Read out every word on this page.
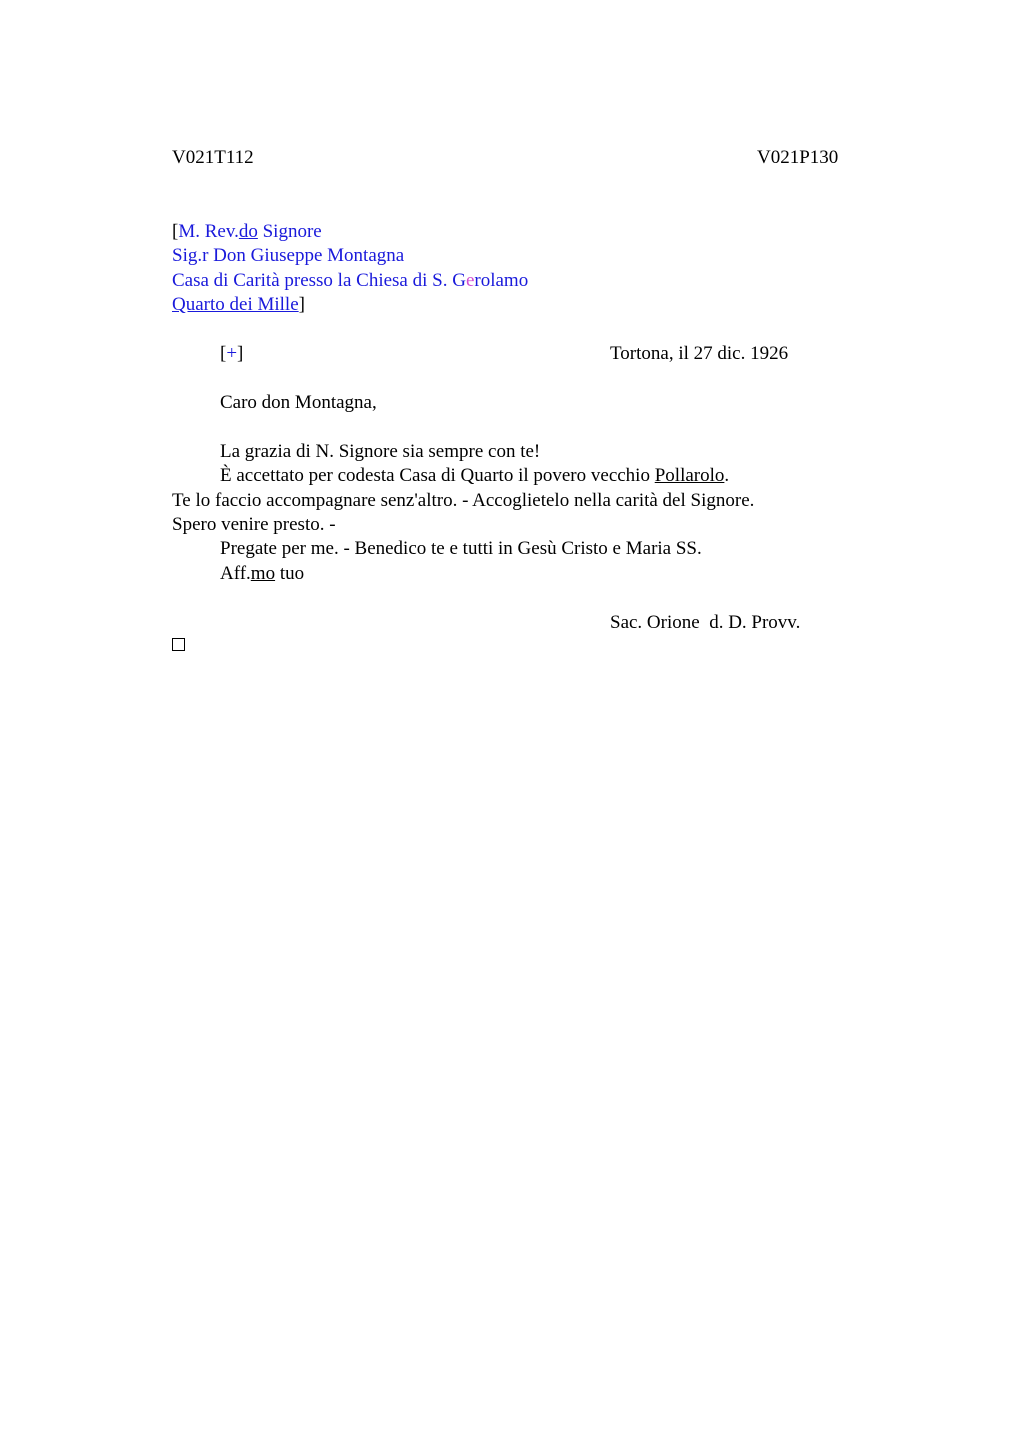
V021T112	V021P130
[M. Rev.do Signore
Sig.r Don Giuseppe Montagna
Casa di Carità presso la Chiesa di S. Gerolamo
Quarto dei Mille]
[+]	Tortona, il 27 dic. 1926
Caro don Montagna,
La grazia di N. Signore sia sempre con te!
È accettato per codesta Casa di Quarto il povero vecchio Pollarolo.
Te lo faccio accompagnare senz'altro. - Accoglietelo nella carità del Signore.
Spero venire presto. -
Pregate per me. - Benedico te e tutti in Gesù Cristo e Maria SS.
Aff.mo tuo
Sac. Orione  d. D. Provv.
